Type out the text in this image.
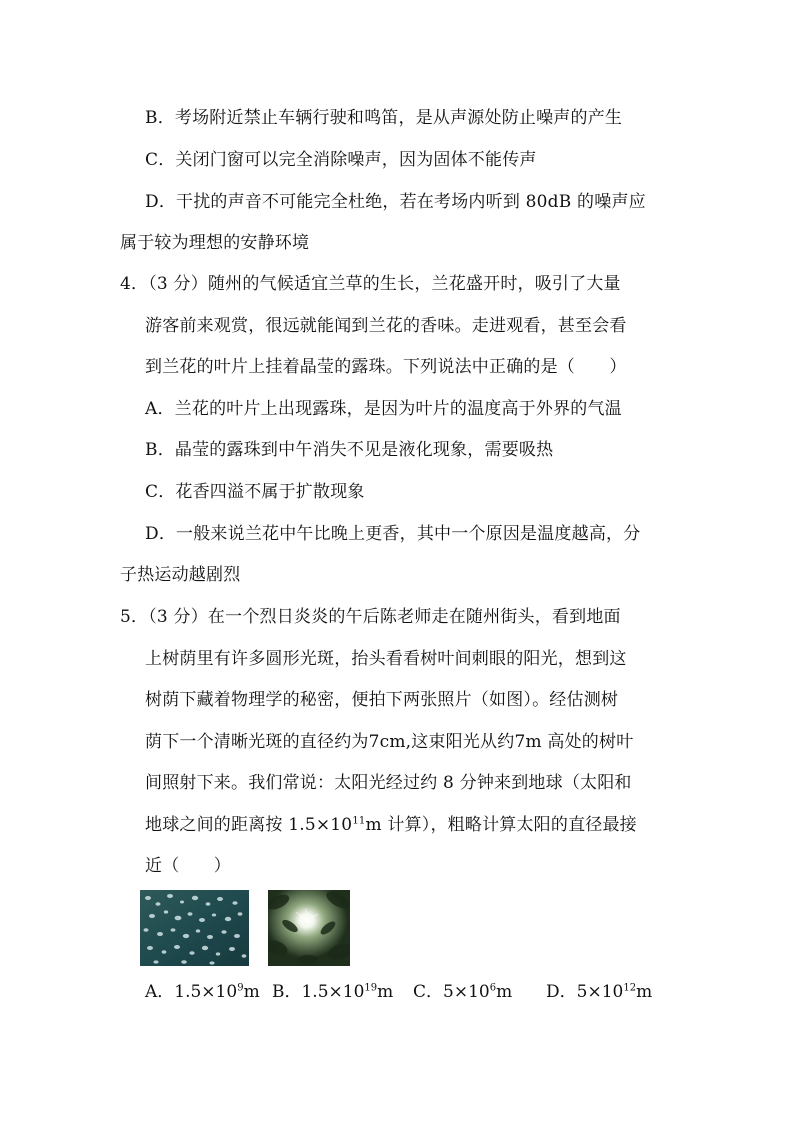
B．考场附近禁止车辆行驶和鸣笛，是从声源处防止噪声的产生
C．关闭门窗可以完全消除噪声，因为固体不能传声
D．干扰的声音不可能完全杜绝，若在考场内听到 80dB 的噪声应
属于较为理想的安静环境
4．（3 分）随州的气候适宜兰草的生长，兰花盛开时，吸引了大量
游客前来观赏，很远就能闻到兰花的香味。走进观看，甚至会看
到兰花的叶片上挂着晶莹的露珠。下列说法中正确的是（　　）
A．兰花的叶片上出现露珠，是因为叶片的温度高于外界的气温
B．晶莹的露珠到中午消失不见是液化现象，需要吸热
C．花香四溢不属于扩散现象
D．一般来说兰花中午比晚上更香，其中一个原因是温度越高，分
子热运动越剧烈
5．（3 分）在一个烈日炎炎的午后陈老师走在随州街头，看到地面
上树荫里有许多圆形光斑，抬头看看树叶间刺眼的阳光，想到这
树荫下藏着物理学的秘密，便拍下两张照片（如图）。经估测树
荫下一个清晰光斑的直径约为7cm,这束阳光从约7m 高处的树叶
间照射下来。我们常说：太阳光经过约 8 分钟来到地球（太阳和
地球之间的距离按 $1.5\times 10^{11}m$ 计算），粗略计算太阳的直径最接
近（　　）
A．$1.5\times 10^9m$ B．$1.5\times 10^{19}m$ C．$5\times 10^6m$ D．$5\times 10^{12}m$
